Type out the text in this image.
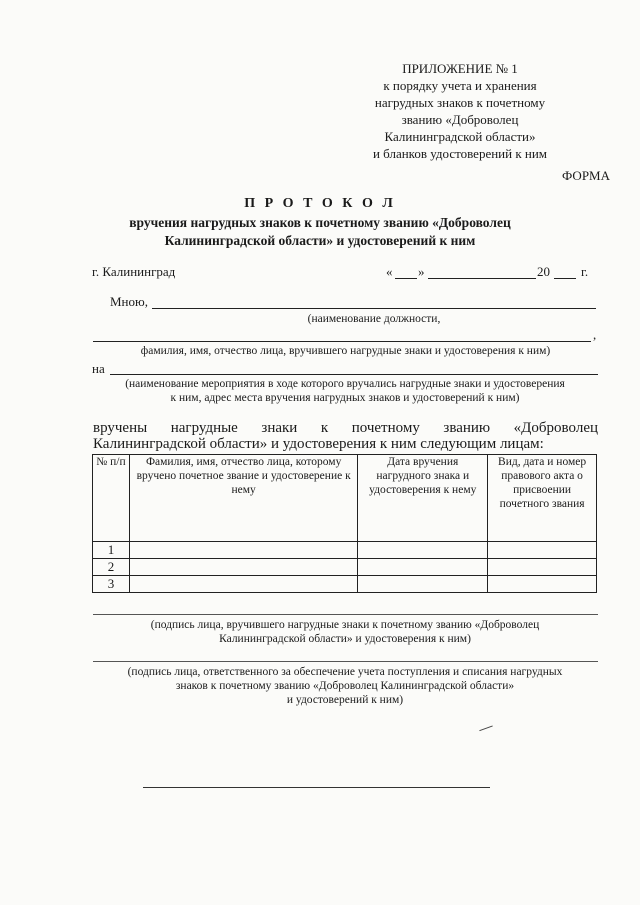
ПРИЛОЖЕНИЕ № 1
к порядку учета и хранения
нагрудных знаков к почетному
званию «Доброволец
Калининградской области»
и бланков удостоверений к ним
ФОРМА
П Р О Т О К О Л
вручения нагрудных знаков к почетному званию «Доброволец
Калининградской области» и удостоверений к ним
г. Калининград	« »	20 г.
Мною,
(наименование должности,
,
фамилия, имя, отчество лица, вручившего нагрудные знаки и удостоверения к ним)
на
(наименование мероприятия в ходе которого вручались нагрудные знаки и удостоверения
к ним, адрес места вручения нагрудных знаков и удостоверений к ним)
вручены нагрудные знаки к почетному званию «Доброволец
Калининградской области» и удостоверения к ним следующим лицам:
№ п/п	Фамилия, имя, отчество лица, которому вручено почетное звание и удостоверение к нему	Дата вручения нагрудного знака и удостоверения к нему	Вид, дата и номер правового акта о присвоении почетного звания
1			
2			
3			
(подпись лица, вручившего нагрудные знаки к почетному званию «Доброволец
Калининградской области» и удостоверения к ним)
(подпись лица, ответственного за обеспечение учета поступления и списания нагрудных
знаков к почетному званию «Доброволец Калининградской области»
и удостоверений к ним)
